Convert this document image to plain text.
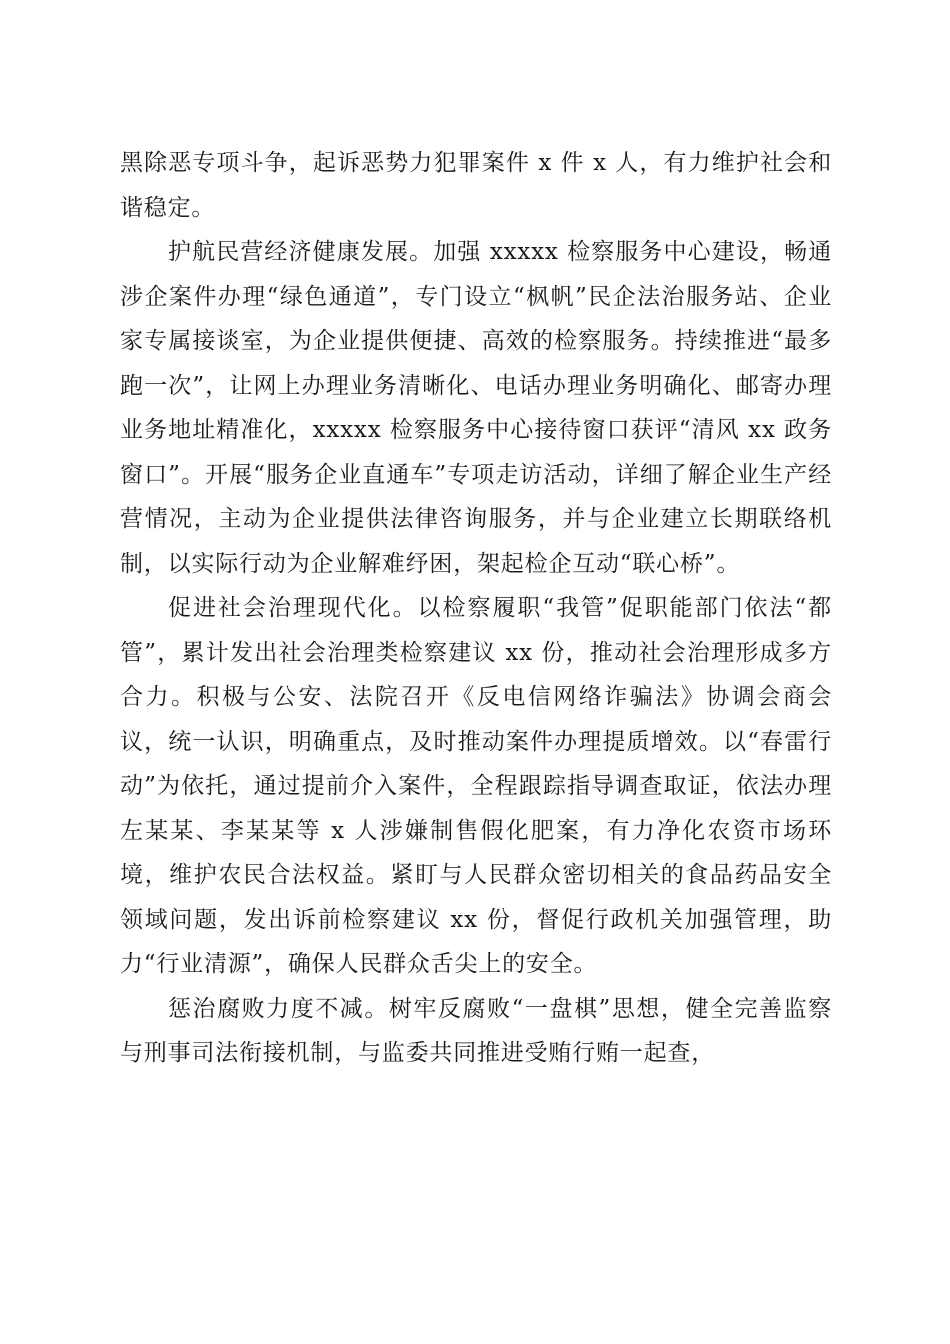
黑除恶专项斗争，起诉恶势力犯罪案件 x 件 x 人，有力维护社会和谐稳定。

护航民营经济健康发展。加强 xxxxx 检察服务中心建设，畅通涉企案件办理“绿色通道”，专门设立“枫帆”民企法治服务站、企业家专属接谈室，为企业提供便捷、高效的检察服务。持续推进“最多跑一次”，让网上办理业务清晰化、电话办理业务明确化、邮寄办理业务地址精准化，xxxxx 检察服务中心接待窗口获评“清风 xx 政务窗口”。开展“服务企业直通车”专项走访活动，详细了解企业生产经营情况，主动为企业提供法律咨询服务，并与企业建立长期联络机制，以实际行动为企业解难纾困，架起检企互动“联心桥”。

促进社会治理现代化。以检察履职“我管”促职能部门依法“都管”，累计发出社会治理类检察建议 xx 份，推动社会治理形成多方合力。积极与公安、法院召开《反电信网络诈骗法》协调会商会议，统一认识，明确重点，及时推动案件办理提质增效。以“春雷行动”为依托，通过提前介入案件，全程跟踪指导调查取证，依法办理左某某、李某某等 x 人涉嫌制售假化肥案，有力净化农资市场环境，维护农民合法权益。紧盯与人民群众密切相关的食品药品安全领域问题，发出诉前检察建议 xx 份，督促行政机关加强管理，助力“行业清源”，确保人民群众舌尖上的安全。

惩治腐败力度不减。树牢反腐败“一盘棋”思想，健全完善监察与刑事司法衔接机制，与监委共同推进受贿行贿一起查，
